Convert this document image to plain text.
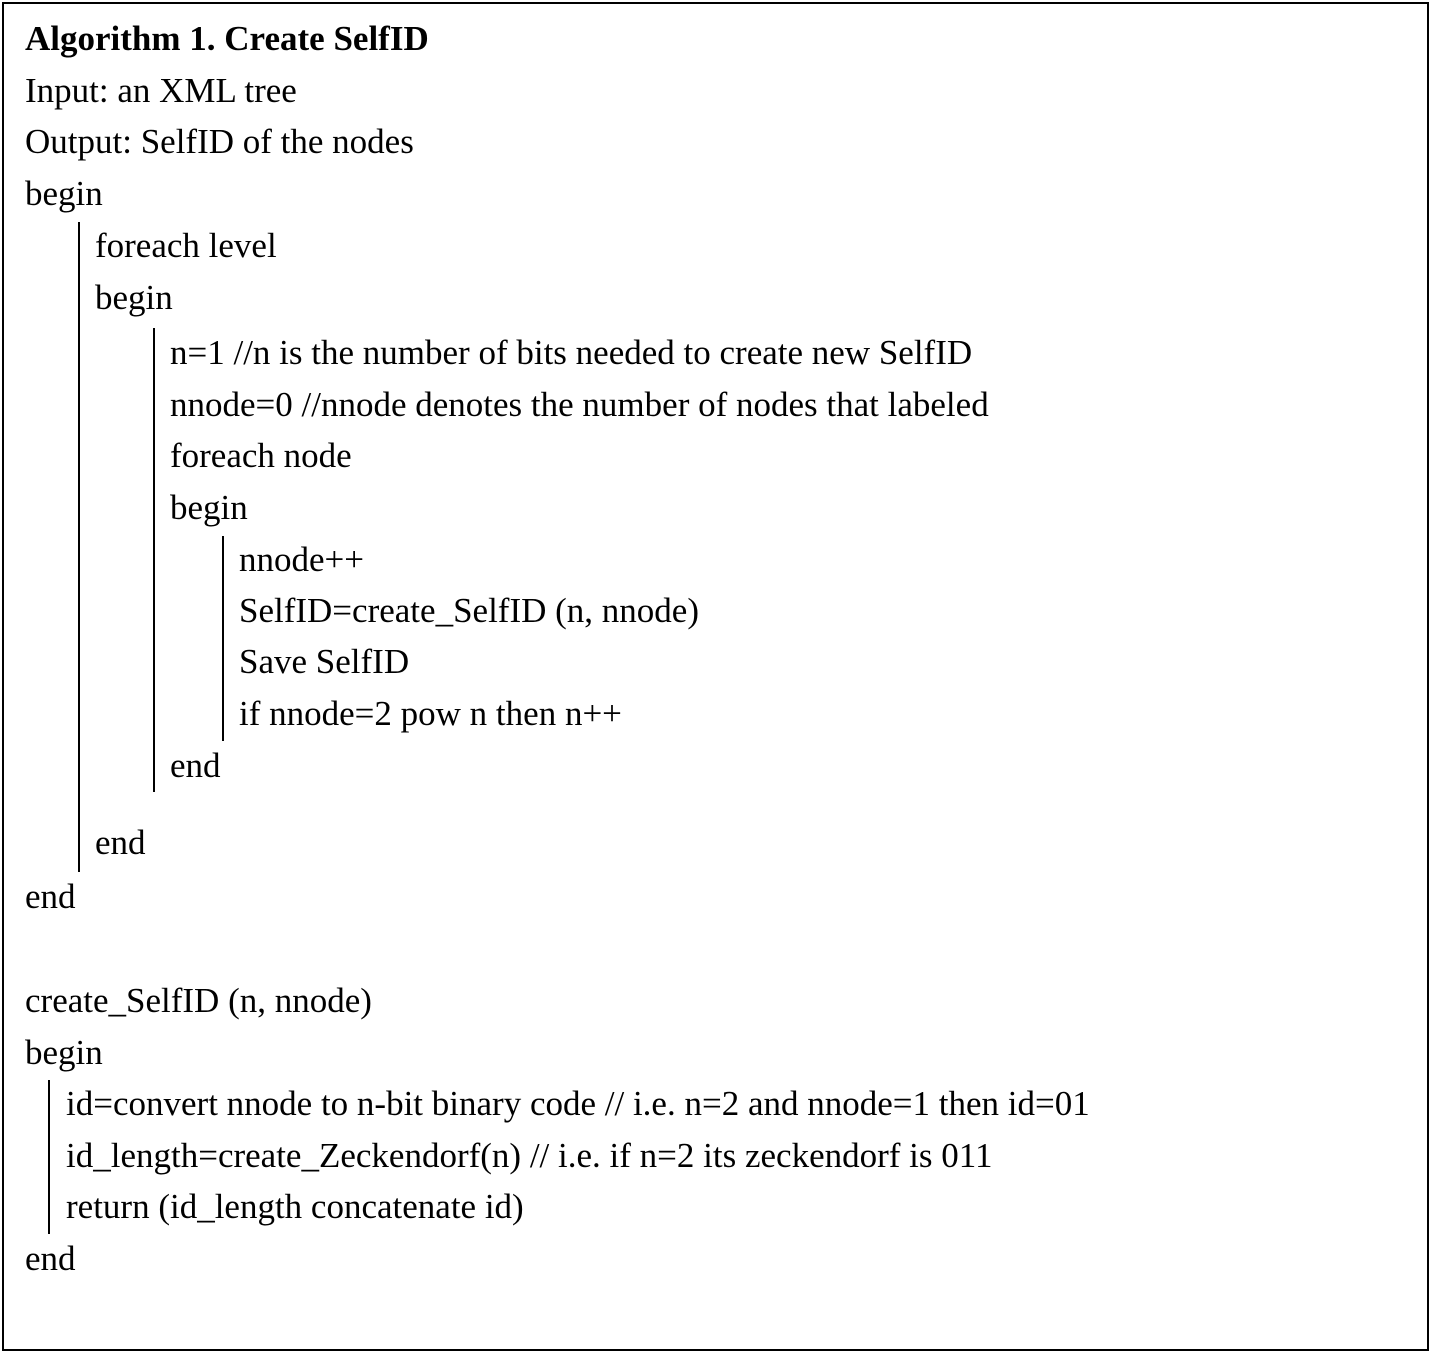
Algorithm 1. Create SelfID
Input: an XML tree
Output: SelfID of the nodes
begin
foreach level
begin
n=1 //n is the number of bits needed to create new SelfID
nnode=0 //nnode denotes the number of nodes that labeled
foreach node
begin
nnode++
SelfID=create_SelfID (n, nnode)
Save SelfID
if nnode=2 pow n then n++
end
end
end
create_SelfID (n, nnode)
begin
id=convert nnode to n-bit binary code // i.e. n=2 and nnode=1 then id=01
id_length=create_Zeckendorf(n) // i.e. if n=2 its zeckendorf is 011
return (id_length concatenate id)
end
